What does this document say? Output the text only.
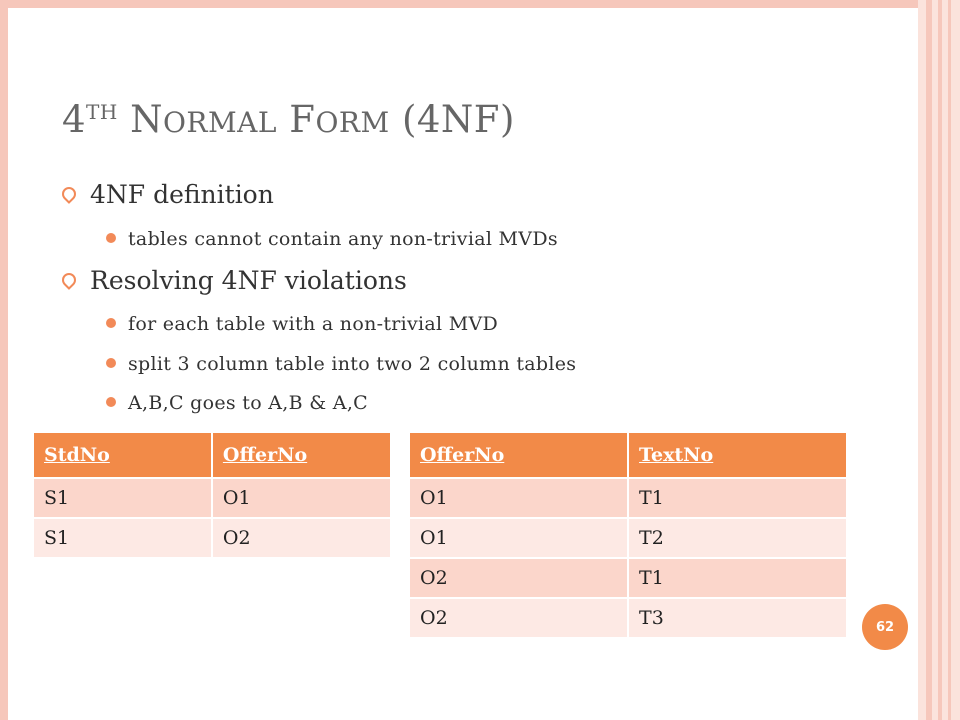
4TH NORMAL FORM (4NF)
4NF definition
tables cannot contain any non-trivial MVDs
Resolving 4NF violations
for each table with a non-trivial MVD
split 3 column table into two 2 column tables
A,B,C goes to A,B & A,C
StdNo	OfferNo
S1	O1
S1	O2
OfferNo	TextNo
O1	T1
O1	T2
O2	T1
O2	T3	62
